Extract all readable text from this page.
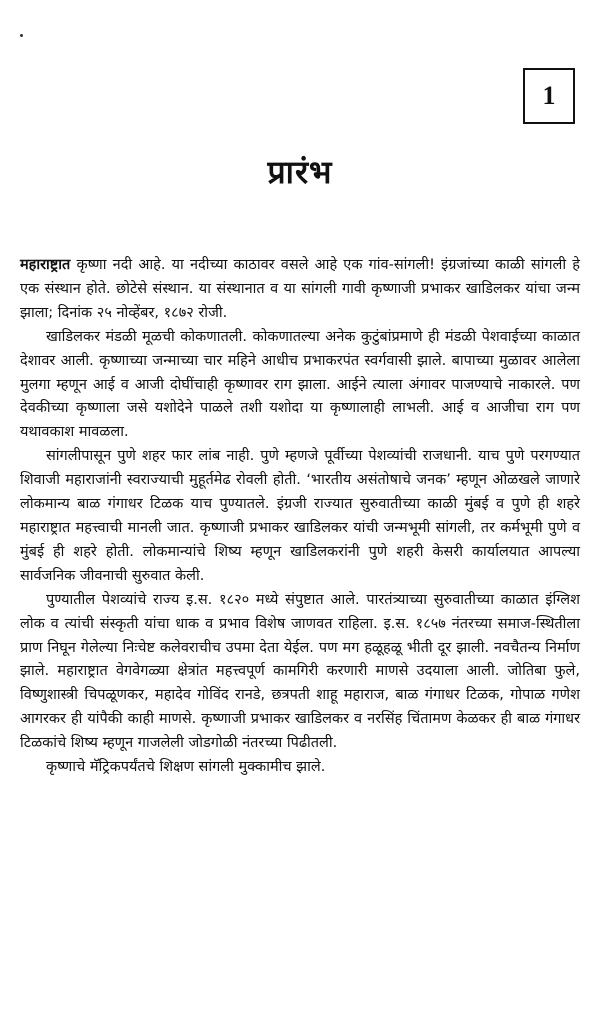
1
प्रारंभ

महाराष्ट्रात कृष्णा नदी आहे. या नदीच्या काठावर वसले आहे एक गांव-सांगली! इंग्रजांच्या काळी सांगली हे एक संस्थान होते. छोटेसे संस्थान. या संस्थानात व या सांगली गावी कृष्णाजी प्रभाकर खाडिलकर यांचा जन्म झाला; दिनांक २५ नोव्हेंबर, १८७२ रोजी.

खाडिलकर मंडळी मूळची कोकणातली. कोकणातल्या अनेक कुटुंबांप्रमाणे ही मंडळी पेशवाईच्या काळात देशावर आली. कृष्णाच्या जन्माच्या चार महिने आधीच प्रभाकरपंत स्वर्गवासी झाले. बापाच्या मुळावर आलेला मुलगा म्हणून आई व आजी दोघींचाही कृष्णावर राग झाला. आईने त्याला अंगावर पाजण्याचे नाकारले. पण देवकीच्या कृष्णाला जसे यशोदेने पाळले तशी यशोदा या कृष्णालाही लाभली. आई व आजीचा राग पण यथावकाश मावळला.

सांगलीपासून पुणे शहर फार लांब नाही. पुणे म्हणजे पूर्वीच्या पेशव्यांची राजधानी. याच पुणे परगण्यात शिवाजी महाराजांनी स्वराज्याची मुहूर्तमेढ रोवली होती. ‘भारतीय असंतोषाचे जनक’ म्हणून ओळखले जाणारे लोकमान्य बाळ गंगाधर टिळक याच पुण्यातले. इंग्रजी राज्यात सुरुवातीच्या काळी मुंबई व पुणे ही शहरे महाराष्ट्रात महत्त्वाची मानली जात. कृष्णाजी प्रभाकर खाडिलकर यांची जन्मभूमी सांगली, तर कर्मभूमी पुणे व मुंबई ही शहरे होती. लोकमान्यांचे शिष्य म्हणून खाडिलकरांनी पुणे शहरी केसरी कार्यालयात आपल्या सार्वजनिक जीवनाची सुरुवात केली.

पुण्यातील पेशव्यांचे राज्य इ.स. १८२० मध्ये संपुष्टात आले. पारतंत्र्याच्या सुरुवातीच्या काळात इंग्लिश लोक व त्यांची संस्कृती यांचा धाक व प्रभाव विशेष जाणवत राहिला. इ.स. १८५७ नंतरच्या समाज-स्थितीला प्राण निघून गेलेल्या निःचेष्ट कलेवराचीच उपमा देता येईल. पण मग हळूहळू भीती दूर झाली. नवचैतन्य निर्माण झाले. महाराष्ट्रात वेगवेगळ्या क्षेत्रांत महत्त्वपूर्ण कामगिरी करणारी माणसे उदयाला आली. जोतिबा फुले, विष्णुशास्त्री चिपळूणकर, महादेव गोविंद रानडे, छत्रपती शाहू महाराज, बाळ गंगाधर टिळक, गोपाळ गणेश आगरकर ही यांपैकी काही माणसे. कृष्णाजी प्रभाकर खाडिलकर व नरसिंह चिंतामण केळकर ही बाळ गंगाधर टिळकांचे शिष्य म्हणून गाजलेली जोडगोळी नंतरच्या पिढीतली.

कृष्णाचे मॅट्रिकपर्यंतचे शिक्षण सांगली मुक्कामीच झाले.
